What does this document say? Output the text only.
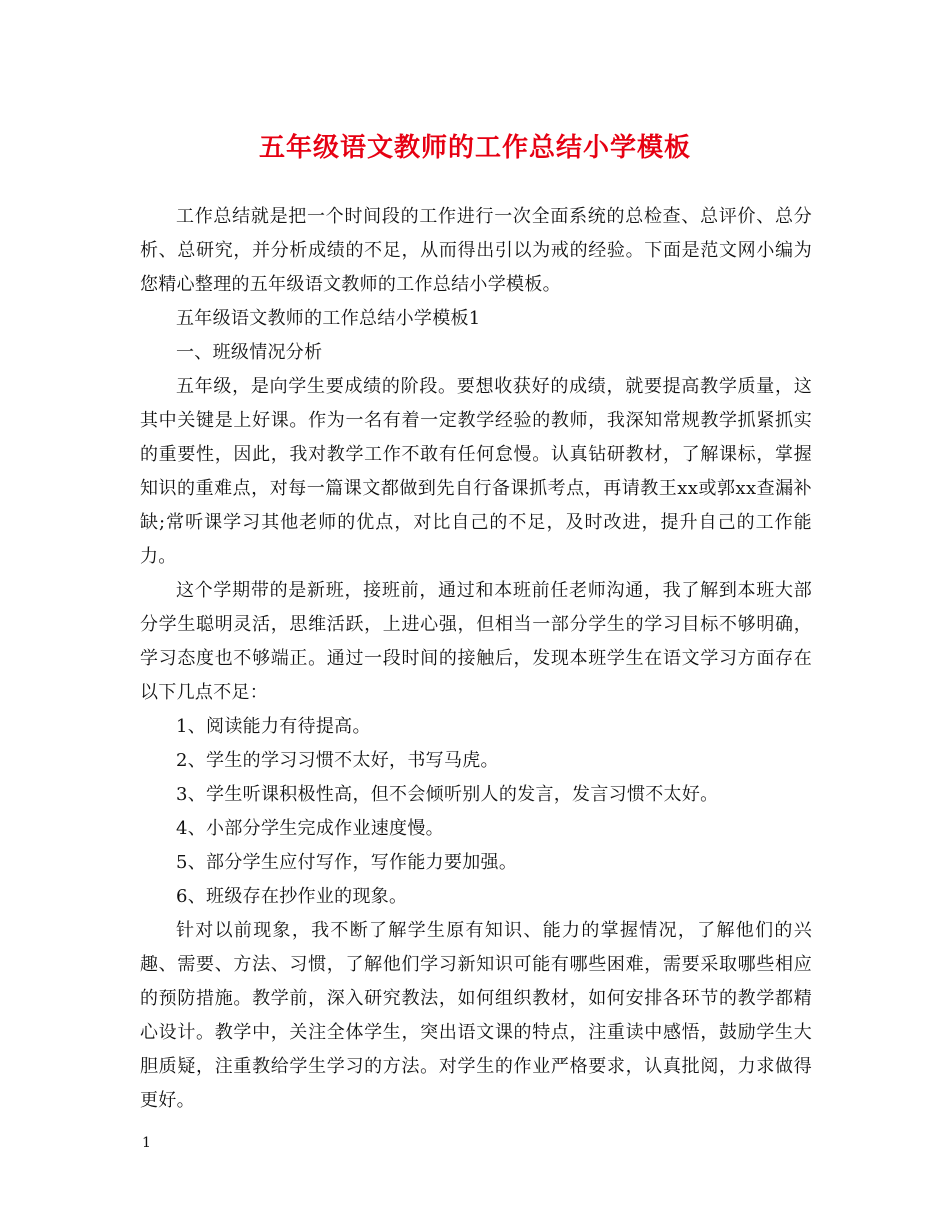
五年级语文教师的工作总结小学模板

工作总结就是把一个时间段的工作进行一次全面系统的总检查、总评价、总分析、总研究，并分析成绩的不足，从而得出引以为戒的经验。下面是范文网小编为您精心整理的五年级语文教师的工作总结小学模板。

五年级语文教师的工作总结小学模板1

一、班级情况分析

五年级，是向学生要成绩的阶段。要想收获好的成绩，就要提高教学质量，这其中关键是上好课。作为一名有着一定教学经验的教师，我深知常规教学抓紧抓实的重要性，因此，我对教学工作不敢有任何怠慢。认真钻研教材，了解课标，掌握知识的重难点，对每一篇课文都做到先自行备课抓考点，再请教王xx或郭xx查漏补缺;常听课学习其他老师的优点，对比自己的不足，及时改进，提升自己的工作能力。

这个学期带的是新班，接班前，通过和本班前任老师沟通，我了解到本班大部分学生聪明灵活，思维活跃，上进心强，但相当一部分学生的学习目标不够明确，学习态度也不够端正。通过一段时间的接触后，发现本班学生在语文学习方面存在以下几点不足：

1、阅读能力有待提高。

2、学生的学习习惯不太好，书写马虎。

3、学生听课积极性高，但不会倾听别人的发言，发言习惯不太好。

4、小部分学生完成作业速度慢。

5、部分学生应付写作，写作能力要加强。

6、班级存在抄作业的现象。

针对以前现象，我不断了解学生原有知识、能力的掌握情况，了解他们的兴趣、需要、方法、习惯，了解他们学习新知识可能有哪些困难，需要采取哪些相应的预防措施。教学前，深入研究教法，如何组织教材，如何安排各环节的教学都精心设计。教学中，关注全体学生，突出语文课的特点，注重读中感悟，鼓励学生大胆质疑，注重教给学生学习的方法。对学生的作业严格要求，认真批阅，力求做得更好。

1
